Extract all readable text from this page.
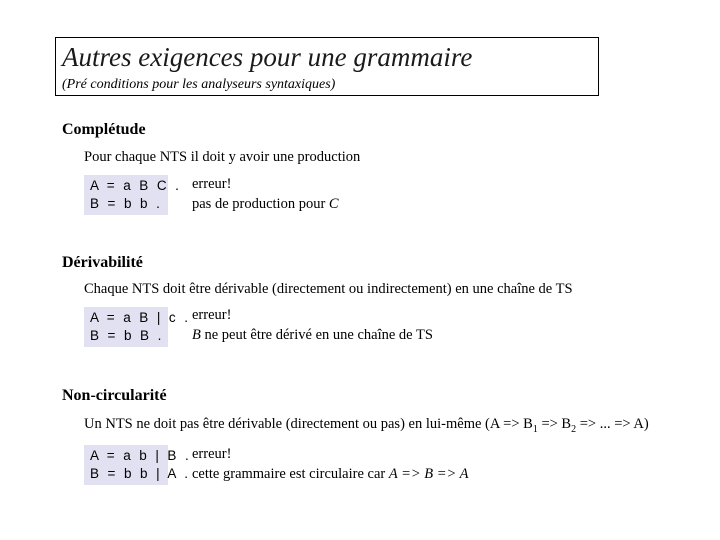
Autres exigences pour une grammaire
(Pré conditions pour les analyseurs syntaxiques)
Complétude
Pour chaque NTS il doit y avoir une production
A = a B C .
B = b b .
erreur!
pas de production pour C
Dérivabilité
Chaque NTS doit être dérivable (directement ou indirectement) en une chaîne de TS
A = a B | c .
B = b B .
erreur!
B ne peut être dérivé en une chaîne de TS
Non-circularité
Un NTS ne doit pas être dérivable (directement ou pas) en lui-même ($A => B_1 => B_2$ => ... => A)
A = a b | B .
B = b b | A .
erreur!
cette grammaire est circulaire car A => B => A
